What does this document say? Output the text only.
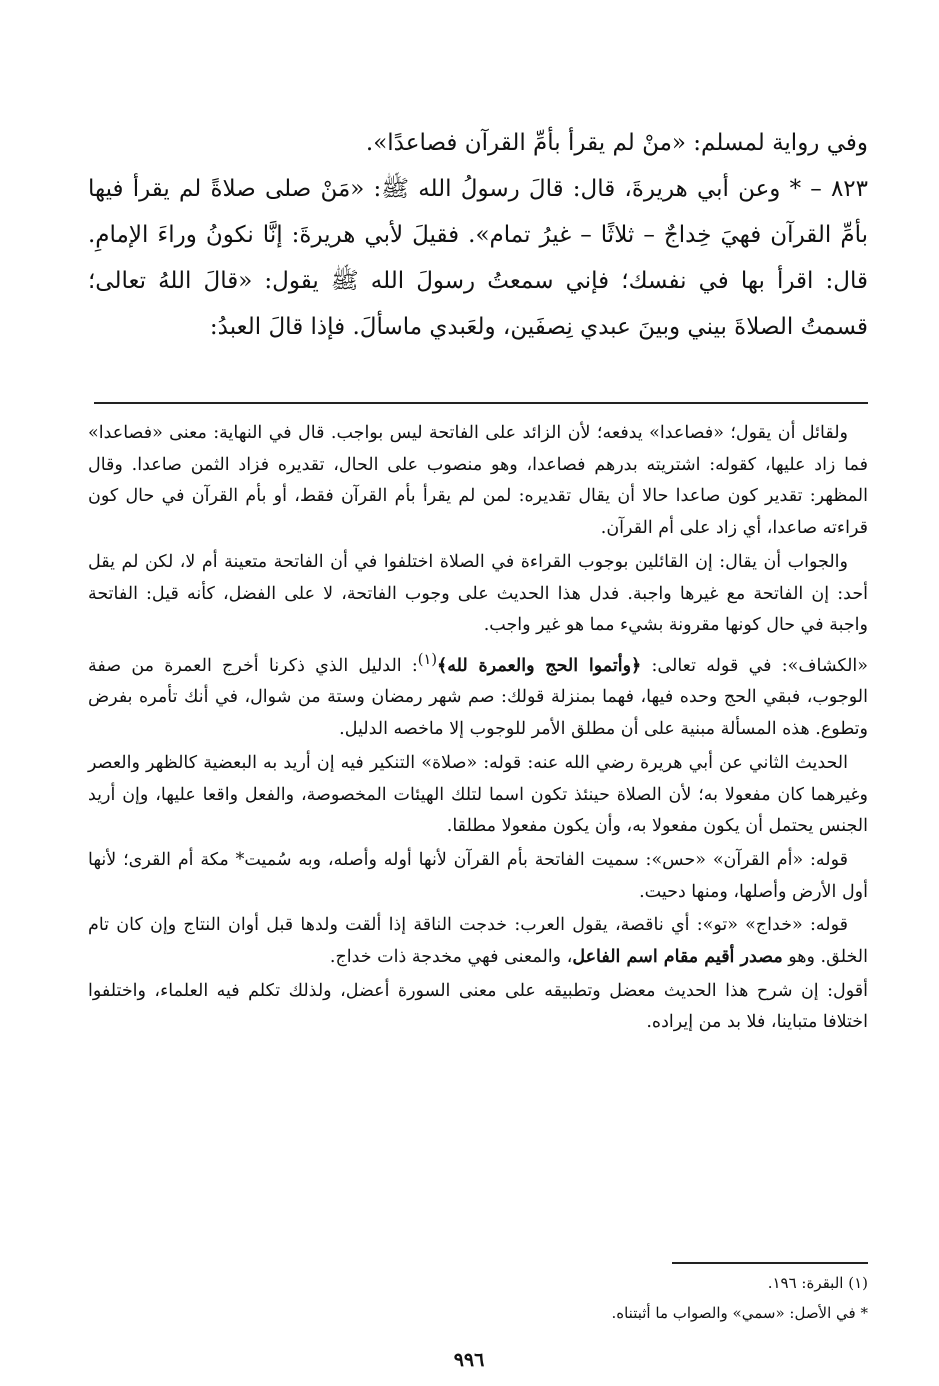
وفي رواية لمسلم: «منْ لم يقرأ بأمِّ القرآن فصاعدًا».

٨٢٣ – * وعن أبي هريرةَ، قال: قالَ رسولُ الله ﷺ: «مَنْ صلى صلاةً لم يقرأ فيها بأمِّ القرآن فهيَ خِداجٌ – ثلاثًا – غيرُ تمام». فقيلَ لأبي هريرةَ: إنَّا نكونُ وراءَ الإمامِ. قال: اقرأ بها في نفسك؛ فإني سمعتُ رسولَ الله ﷺ يقول: «قالَ اللهُ تعالى؛ قسمتُ الصلاةَ بيني وبينَ عبدي نِصفَين، ولعَبدي ماسألَ. فإذا قالَ العبدُ:

ولقائل أن يقول؛ «فصاعدا» يدفعه؛ لأن الزائد على الفاتحة ليس بواجب. قال في النهاية: معنى «فصاعدا» فما زاد عليها، كقوله: اشتريته بدرهم فصاعدا، وهو منصوب على الحال، تقديره فزاد الثمن صاعدا. وقال المظهر: تقدير كون صاعدا حالا أن يقال تقديره: لمن لم يقرأ بأم القرآن فقط، أو بأم القرآن في حال كون قراءته صاعدا، أي زاد على أم القرآن.

والجواب أن يقال: إن القائلين بوجوب القراءة في الصلاة اختلفوا في أن الفاتحة متعينة أم لا، لكن لم يقل أحد: إن الفاتحة مع غيرها واجبة. فدل هذا الحديث على وجوب الفاتحة، لا على الفضل، كأنه قيل: الفاتحة واجبة في حال كونها مقرونة بشيء مما هو غير واجب.

«الكشاف»: في قوله تعالى: ﴿وأتموا الحج والعمرة لله﴾$^{(١)}$: الدليل الذي ذكرنا أخرج العمرة من صفة الوجوب، فبقي الحج وحده فيها، فهما بمنزلة قولك: صم شهر رمضان وستة من شوال، في أنك تأمره بفرض وتطوع. هذه المسألة مبنية على أن مطلق الأمر للوجوب إلا ماخصه الدليل.

الحديث الثاني عن أبي هريرة رضي الله عنه: قوله: «صلاة» التنكير فيه إن أريد به البعضية كالظهر والعصر وغيرهما كان مفعولا به؛ لأن الصلاة حينئذ تكون اسما لتلك الهيئات المخصوصة، والفعل واقعا عليها، وإن أريد الجنس يحتمل أن يكون مفعولا به، وأن يكون مفعولا مطلقا.

قوله: «أم القرآن» «حس»: سميت الفاتحة بأم القرآن لأنها أوله وأصله، وبه سُميت* مكة أم القرى؛ لأنها أول الأرض وأصلها، ومنها دحيت.

قوله: «خداج» «تو»: أي ناقصة، يقول العرب: خدجت الناقة إذا ألقت ولدها قبل أوان النتاج وإن كان تام الخلق. وهو مصدر أقيم مقام اسم الفاعل، والمعنى فهي مخدجة ذات خداج.

أقول: إن شرح هذا الحديث معضل وتطبيقه على معنى السورة أعضل، ولذلك تكلم فيه العلماء، واختلفوا اختلافا متباينا، فلا بد من إيراده.

(١) البقرة: ١٩٦.

* في الأصل: «سمي» والصواب ما أثبتناه.

٩٩٦
